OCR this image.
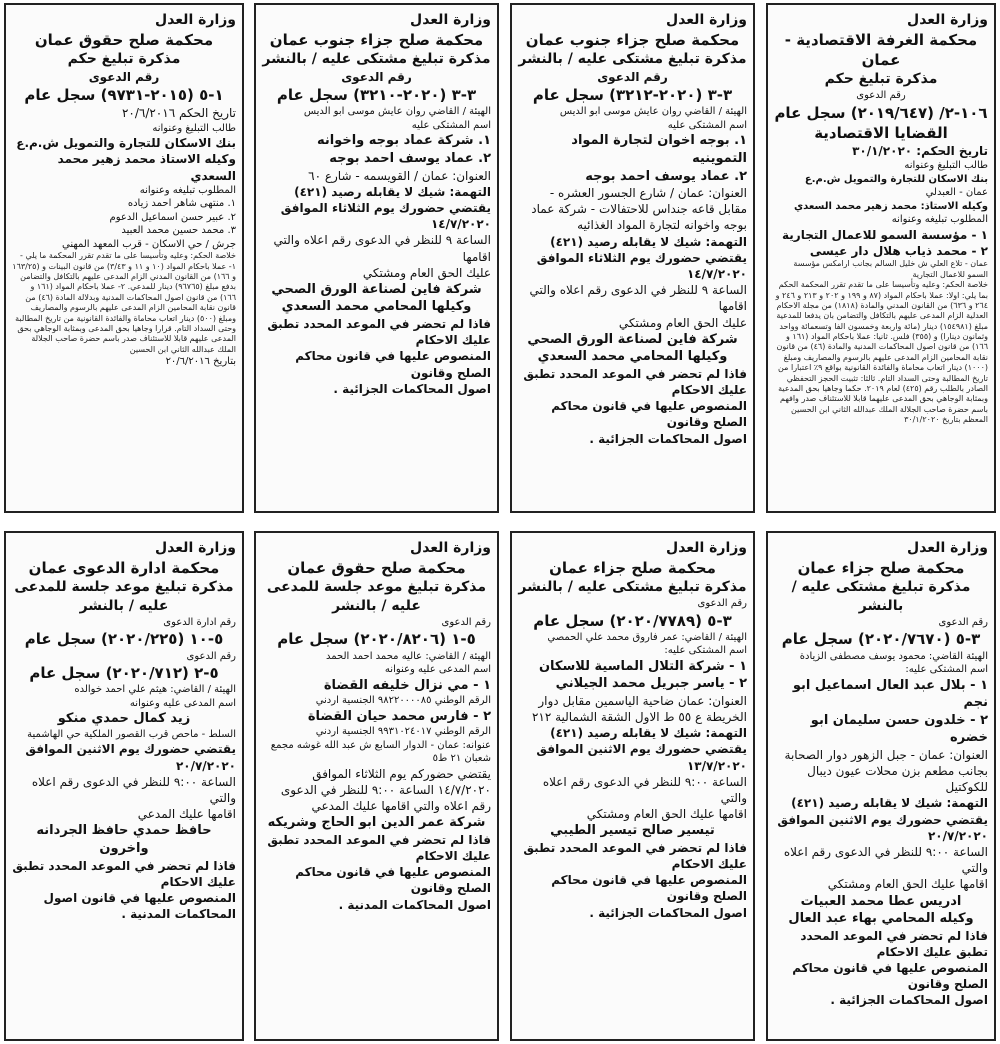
وزارة العدل
محكمة صلح حقوق عمان
مذكرة تبليغ حكم
رقم الدعوى
١-٥ (٢٠١٥-٩٧٣١) سجل عام
تاريخ الحكم ٢٠/٦/٢٠١٦
طالب التبليغ وعنوانه
بنك الاسكان للتجارة والتمويل ش.م.ع
وكيله الاستاذ محمد زهير محمد السعدي
المطلوب تبليغه وعنوانه
١. منتهى شاهر احمد زياده
٢. عبير حسن اسماعيل الدعوم
٣. محمد حسين محمد العبيد
جرش / حي الاسكان - قرب المعهد المهني
خلاصة الحكم: وعليه وتأسيسا على ما تقدم تقرر المحكمة ما يلي - ١- عملا باحكام المواد (١٠ و ١١ و ٣/٤٣) من قانون البينات و (١٦٣/٢٥ و ١٦٦) من القانون المدني الزام المدعى عليهم بالتكافل والتضامن بدفع مبلغ (٩٦٧٦٥) دينار للمدعي. ٢- عملا باحكام المواد (١٦١ و ١٦٦) من قانون اصول المحاكمات المدنية وبدلالة المادة (٤٦) من قانون نقابة المحامين الزام المدعى عليهم بالرسوم والمصاريف ومبلغ (٥٠٠) دينار اتعاب محاماة والفائدة القانونية من تاريخ المطالبة وحتى السداد التام. قرارا وجاهيا بحق المدعى وبمثابة الوجاهي بحق المدعى عليهم قابلا للاستئناف صدر باسم حضرة صاحب الجلالة الملك عبدالله الثاني ابن الحسين
بتاريخ ٢٠/٦/٢٠١٦
وزارة العدل
محكمة صلح جزاء جنوب عمان
مذكرة تبليغ مشتكى عليه / بالنشر
رقم الدعوى
٣-٣ (٢٠٢٠-٣٢١٠) سجل عام
الهيئة / القاضي روان عايش موسى ابو الديس
اسم المشتكى عليه
١. شركة عماد بوجه واخوانه
٢. عماد يوسف احمد بوجه
العنوان: عمان / القويسمه - شارع ٦٠
التهمة: شيك لا يقابله رصيد (٤٢١)
يقتضي حضورك يوم الثلاثاء الموافق ١٤/٧/٢٠٢٠
الساعة ٩ للنظر في الدعوى رقم اعلاه والتي اقامها
عليك الحق العام ومشتكي
شركة فاين لصناعة الورق الصحي
وكيلها المحامي محمد السعدي
فاذا لم تحضر في الموعد المحدد تطبق عليك الاحكام
المنصوص عليها في قانون محاكم الصلح وقانون
اصول المحاكمات الجزائية .
وزارة العدل
محكمة صلح جزاء جنوب عمان
مذكرة تبليغ مشتكى عليه / بالنشر
رقم الدعوى
٣-٣ (٢٠٢٠-٣٢١٢) سجل عام
الهيئة / القاضي روان عايش موسى ابو الديس
اسم المشتكى عليه
١. بوجه اخوان لتجارة المواد التموينيه
٢. عماد يوسف احمد بوجه
العنوان: عمان / شارع الجسور العشره - مقابل قاعه جنداس للاحتفالات - شركة عماد بوجه واخوانه لتجارة المواد الغذائيه
التهمة: شيك لا يقابله رصيد (٤٢١)
يقتضي حضورك يوم الثلاثاء الموافق ١٤/٧/٢٠٢٠
الساعة ٩ للنظر في الدعوى رقم اعلاه والتي اقامها
عليك الحق العام ومشتكي
شركة فاين لصناعة الورق الصحي
وكيلها المحامي محمد السعدي
فاذا لم تحضر في الموعد المحدد تطبق عليك الاحكام
المنصوص عليها في قانون محاكم الصلح وقانون
اصول المحاكمات الجزائية .
وزارة العدل
محكمة الغرفة الاقتصادية - عمان
مذكرة تبليغ حكم
رقم الدعوى
١٠٦-٢/ (٢٠١٩/٦٤٧) سجل عام
القضايا الاقتصادية
تاريخ الحكم: ٣٠/١/٢٠٢٠
طالب التبليغ وعنوانه
بنك الاسكان للتجارة والتمويل ش.م.ع
عمان - العبدلي
وكيله الاستاذ: محمد زهير محمد السعدي
المطلوب تبليغه وعنوانه
١ - مؤسسة السمو للاعمال التجارية
٢ - محمد ذياب هلال دار عيسى
عمان - تلاع العلي ش خليل السالم بجانب ارامكس مؤسسة السمو للاعمال التجارية
خلاصة الحكم: وعليه وتأسيسا على ما تقدم تقرر المحكمة الحكم بما يلي: اولا: عملا باحكام المواد (٨٧ و ١٩٩ و ٢٠٢ و ٢١٣ و ٢٤٦ و ٢٦٤ و ٦٣٦) من القانون المدني والمادة (١٨١٨) من مجلة الاحكام العدلية الزام المدعى عليهم بالتكافل والتضامن بان يدفعا للمدعية مبلغ (١٥٤٩٨١) دينار (مائة واربعة وخمسون الفا وتسعمائة وواحد وثمانون دينارا) و (٣٥٥) فلس. ثانيا: عملا باحكام المواد (١٦١ و ١٦٦) من قانون اصول المحاكمات المدنية والمادة (٤٦) من قانون نقابة المحامين الزام المدعى عليهم بالرسوم والمصاريف ومبلغ (١٠٠٠) دينار اتعاب محاماة والفائدة القانونية بواقع ٩٪ اعتبارا من تاريخ المطالبة وحتى السداد التام. ثالثا: تثبيت الحجز التحفظي الصادر بالطلب رقم (٤٢٥) لعام ٢٠١٩. حكما وجاهيا بحق المدعية وبمثابة الوجاهي بحق المدعى عليهما قابلا للاستئناف صدر وافهم باسم حضرة صاحب الجلالة الملك عبدالله الثاني ابن الحسين المعظم بتاريخ ٣٠/١/٢٠٢٠
وزارة العدل
محكمة ادارة الدعوى عمان
مذكرة تبليغ موعد جلسة للمدعى
عليه / بالنشر
رقم ادارة الدعوى
٥-١٠ (٢٠٢٠/٢٢٥) سجل عام
رقم الدعوى
٥-٢ (٢٠٢٠/٧١٢) سجل عام
الهيئة / القاضي: هيثم علي احمد خوالده
اسم المدعى عليه وعنوانه
زيد كمال حمدي منكو
السلط - ماحص قرب القصور الملكية حي الهاشمية
يقتضي حضورك يوم الاثنين الموافق ٢٠/٧/٢٠٢٠
الساعة ٩:٠٠ للنظر في الدعوى رقم اعلاه والتي
اقامها عليك المدعي
حافظ حمدي حافظ الجردانه واخرون
فاذا لم تحضر في الموعد المحدد تطبق عليك الاحكام
المنصوص عليها في قانون اصول المحاكمات المدنية .
وزارة العدل
محكمة صلح حقوق عمان
مذكرة تبليغ موعد جلسة للمدعى
عليه / بالنشر
رقم الدعوى
٥-١ (٢٠٢٠/٨٢٠٦) سجل عام
الهيئة / القاضي: عاليه محمد احمد الحمد
اسم المدعى عليه وعنوانه
١ - مي نزال خليفه القضاة
الرقم الوطني ٩٨٢٢٠٠٠٠٨٥ الجنسية اردني
٢ - فارس محمد حيان القضاة
الرقم الوطني ٩٩٣١٠٢٤٠١٧ الجنسية اردني
عنوانه: عمان - الدوار السابع ش عبد الله غوشه مجمع شعبان ٢١ ط٥
يقتضي حضوركم يوم الثلاثاء الموافق ١٤/٧/٢٠٢٠ الساعة ٩:٠٠ للنظر في الدعوى رقم اعلاه والتي اقامها عليك المدعي
شركة عمر الدين ابو الحاج وشريكه
فاذا لم تحضر في الموعد المحدد تطبق عليك الاحكام
المنصوص عليها في قانون محاكم الصلح وقانون
اصول المحاكمات المدنية .
وزارة العدل
محكمة صلح جزاء عمان
مذكرة تبليغ مشتكى عليه / بالنشر
رقم الدعوى
٣-٥ (٢٠٢٠/٧٧٨٩) سجل عام
الهيئة / القاضي: عمر فاروق محمد علي الحمصي
اسم المشتكى عليه:
١ - شركة التلال الماسية للاسكان
٢ - ياسر جبريل محمد الجيلاني
العنوان: عمان ضاحية الياسمين مقابل دوار الخريطة ع ٥٥ ط الاول الشقة الشمالية ٢١٢
التهمة: شيك لا يقابله رصيد (٤٢١)
يقتضي حضورك يوم الاثنين الموافق ١٣/٧/٢٠٢٠
الساعة ٩:٠٠ للنظر في الدعوى رقم اعلاه والتي
اقامها عليك الحق العام ومشتكي
تيسير صالح تيسير الطيبي
فاذا لم تحضر في الموعد المحدد تطبق عليك الاحكام
المنصوص عليها في قانون محاكم الصلح وقانون
اصول المحاكمات الجزائية .
وزارة العدل
محكمة صلح جزاء عمان
مذكرة تبليغ مشتكى عليه / بالنشر
رقم الدعوى
٣-٥ (٢٠٢٠/٧٦٧٠) سجل عام
الهيئة القاضي: محمود يوسف مصطفى الزيادة
اسم المشتكى عليه:
١ - بلال عبد العال اسماعيل ابو نجم
٢ - خلدون حسن سليمان ابو خضره
العنوان: عمان - جبل الزهور دوار الصحابة بجانب مطعم بزن محلات عيون ديبال للكوكتيل
التهمة: شيك لا يقابله رصيد (٤٢١)
يقتضي حضورك يوم الاثنين الموافق ٢٠/٧/٢٠٢٠
الساعة ٩:٠٠ للنظر في الدعوى رقم اعلاه والتي
اقامها عليك الحق العام ومشتكي
ادريس عطا محمد العبيات
وكيله المحامي بهاء عبد العال
فاذا لم تحضر في الموعد المحدد تطبق عليك الاحكام
المنصوص عليها في قانون محاكم الصلح وقانون
اصول المحاكمات الجزائية .
